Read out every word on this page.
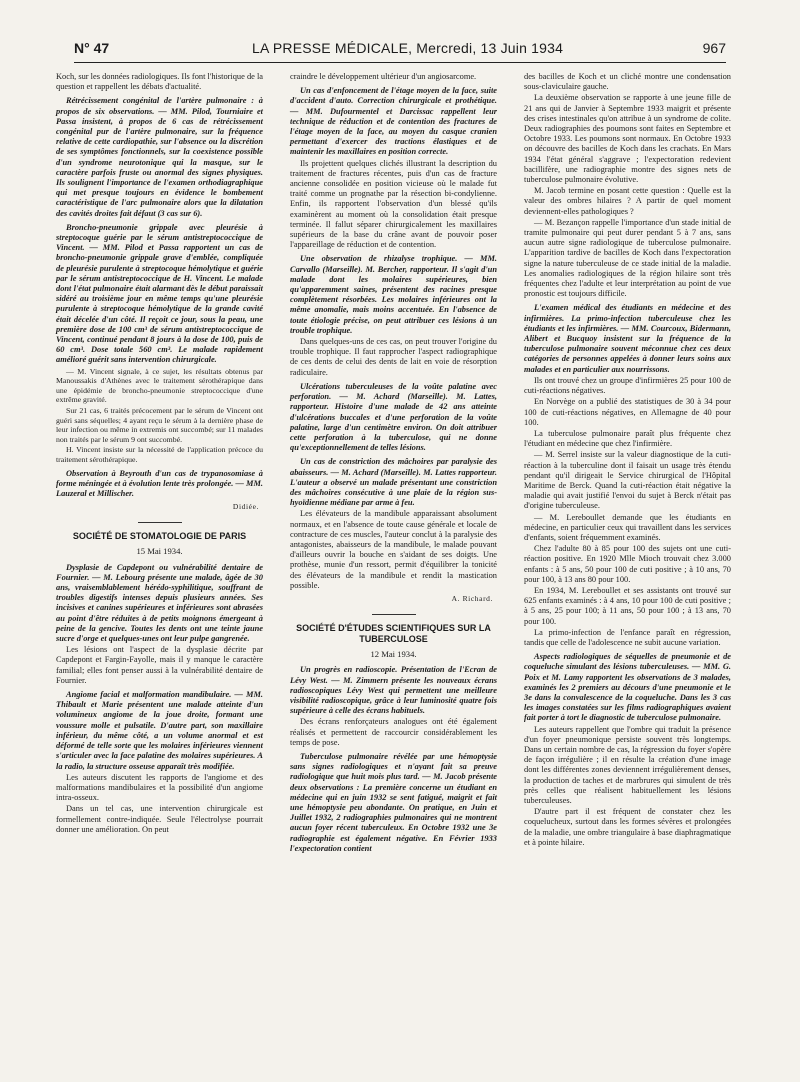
N° 47	LA PRESSE MÉDICALE, Mercredi, 13 Juin 1934	967

Koch, sur les données radiologiques. Ils font l'historique de la question et rappellent les débats d'actualité.

Rétrécissement congénital de l'artère pulmonaire : à propos de six observations. — MM. Pilod, Tourniaire et Passa insistent, à propos de 6 cas de rétrécissement congénital pur de l'artère pulmonaire, sur la fréquence relative de cette cardiopathie, sur l'absence ou la discrétion de ses symptômes fonctionnels, sur la coexistence possible d'un syndrome neurotonique qui la masque, sur le caractère parfois fruste ou anormal des signes physiques. Ils soulignent l'importance de l'examen orthodiagraphique qui met presque toujours en évidence le bombement caractéristique de l'arc pulmonaire alors que la dilatation des cavités droites fait défaut (3 cas sur 6).

Broncho-pneumonie grippale avec pleurésie à streptocoque guérie par le sérum antistreptococcique de Vincent. — MM. Pilod et Passa rapportent un cas de broncho-pneumonie grippale grave d'emblée, compliquée de pleurésie purulente à streptocoque hémolytique et guérie par le sérum antistreptococcique de H. Vincent. Le malade dont l'état pulmonaire était alarmant dès le début paraissait sidéré au troisième jour en même temps qu'une pleurésie purulente à streptocoque hémolytique de la grande cavité était décelée d'un côté. Il reçoit ce jour, sous la peau, une première dose de 100 cm³ de sérum antistreptococcique de Vincent, continué pendant 8 jours à la dose de 100, puis de 60 cm³. Dose totale 560 cm³. Le malade rapidement amélioré guérit sans intervention chirurgicale.

— M. Vincent signale, à ce sujet, les résultats obtenus par Manoussakis d'Athènes avec le traitement sérothérapique dans une épidémie de broncho-pneumonie streptococcique d'une extrême gravité.

Sur 21 cas, 6 traités précocement par le sérum de Vincent ont guéri sans séquelles; 4 ayant reçu le sérum à la dernière phase de leur infection ou même in extremis ont succombé; sur 11 malades non traités par le sérum 9 ont succombé.

H. Vincent insiste sur la nécessité de l'application précoce du traitement sérothérapique.

Observation à Beyrouth d'un cas de trypanosomiase à forme méningée et à évolution lente très prolongée. — MM. Lauzeral et Millischer.

Didiée.

SOCIÉTÉ DE STOMATOLOGIE DE PARIS

15 Mai 1934.

Dysplasie de Capdepont ou vulnérabilité dentaire de Fournier. — M. Lebourg présente une malade, âgée de 30 ans, vraisemblablement hérédo-syphilitique, souffrant de troubles digestifs intenses depuis plusieurs années. Ses incisives et canines supérieures et inférieures sont abrasées au point d'être réduites à de petits moignons émergeant à peine de la gencive. Toutes les dents ont une teinte jaune sucre d'orge et quelques-unes ont leur pulpe gangrenée.

Les lésions ont l'aspect de la dysplasie décrite par Capdepont et Fargin-Fayolle, mais il y manque le caractère familial; elles font penser aussi à la vulnérabilité dentaire de Fournier.

Angiome facial et malformation mandibulaire. — MM. Thibault et Marie présentent une malade atteinte d'un volumineux angiome de la joue droite, formant une voussure molle et pulsatile. D'autre part, son maxillaire inférieur, du même côté, a un volume anormal et est déformé de telle sorte que les molaires inférieures viennent s'articuler avec la face palatine des molaires supérieures. A la radio, la structure osseuse apparaît très modifiée.

Les auteurs discutent les rapports de l'angiome et des malformations mandibulaires et la possibilité d'un angiome intra-osseux.

Dans un tel cas, une intervention chirurgicale est formellement contre-indiquée. Seule l'électrolyse pourrait donner une amélioration. On peut

craindre le développement ultérieur d'un angiosarcome.

Un cas d'enfoncement de l'étage moyen de la face, suite d'accident d'auto. Correction chirurgicale et prothétique. — MM. Dufourmentel et Darcissac rappellent leur technique de réduction et de contention des fractures de l'étage moyen de la face, au moyen du casque cranien permettant d'exercer des tractions élastiques et de maintenir les maxillaires en position correcte.

Ils projettent quelques clichés illustrant la description du traitement de fractures récentes, puis d'un cas de fracture ancienne consolidée en position vicieuse où le malade fut traité comme un prognathe par la résection bi-condylienne. Enfin, ils rapportent l'observation d'un blessé qu'ils examinèrent au moment où la consolidation était presque terminée. Il fallut séparer chirurgicalement les maxillaires supérieurs de la base du crâne avant de pouvoir poser l'appareillage de réduction et de contention.

Une observation de rhizalyse trophique. — MM. Carvallo (Marseille). M. Bercher, rapporteur. Il s'agit d'un malade dont les molaires supérieures, bien qu'apparemment saines, présentent des racines presque complètement résorbées. Les molaires inférieures ont la même anomalie, mais moins accentuée. En l'absence de toute étiologie précise, on peut attribuer ces lésions à un trouble trophique.

Dans quelques-uns de ces cas, on peut trouver l'origine du trouble trophique. Il faut rapprocher l'aspect radiographique de ces dents de celui des dents de lait en voie de résorption radiculaire.

Ulcérations tuberculeuses de la voûte palatine avec perforation. — M. Achard (Marseille). M. Lattes, rapporteur. Histoire d'une malade de 42 ans atteinte d'ulcérations buccales et d'une perforation de la voûte palatine, large d'un centimètre environ. On doit attribuer cette perforation à la tuberculose, qui ne donne qu'exceptionnellement de telles lésions.

Un cas de constriction des mâchoires par paralysie des abaisseurs. — M. Achard (Marseille). M. Lattes rapporteur. L'auteur a observé un malade présentant une constriction des mâchoires consécutive à une plaie de la région sus-hyoïdienne médiane par arme à feu.

Les élévateurs de la mandibule apparaissant absolument normaux, et en l'absence de toute cause générale et locale de contracture de ces muscles, l'auteur conclut à la paralysie des antagonistes, abaisseurs de la mandibule, le malade pouvant d'ailleurs ouvrir la bouche en s'aidant de ses doigts. Une prothèse, munie d'un ressort, permit d'équilibrer la tonicité des élévateurs de la mandibule et rendit la mastication possible.

A. Richard.

SOCIÉTÉ D'ÉTUDES SCIENTIFIQUES SUR LA TUBERCULOSE

12 Mai 1934.

Un progrès en radioscopie. Présentation de l'Ecran de Lévy West. — M. Zimmern présente les nouveaux écrans radioscopiques Lévy West qui permettent une meilleure visibilité radioscopique, grâce à leur luminosité quatre fois supérieure à celle des écrans habituels.

Des écrans renforçateurs analogues ont été également réalisés et permettent de raccourcir considérablement les temps de pose.

Tuberculose pulmonaire révélée par une hémoptysie sans signes radiologiques et n'ayant fait sa preuve radiologique que huit mois plus tard. — M. Jacob présente deux observations : La première concerne un étudiant en médecine qui en juin 1932 se sent fatigué, maigrit et fait une hémoptysie peu abondante. On pratique, en Juin et Juillet 1932, 2 radiographies pulmonaires qui ne montrent aucun foyer récent tuberculeux. En Octobre 1932 une 3e radiographie est également négative. En Février 1933 l'expectoration contient

des bacilles de Koch et un cliché montre une condensation sous-claviculaire gauche.

La deuxième observation se rapporte à une jeune fille de 21 ans qui de Janvier à Septembre 1933 maigrit et présente des crises intestinales qu'on attribue à un syndrome de colite. Deux radiographies des poumons sont faites en Septembre et Octobre 1933. Les poumons sont normaux. En Octobre 1933 on découvre des bacilles de Koch dans les crachats. En Mars 1934 l'état général s'aggrave ; l'expectoration redevient bacillifère, une radiographie montre des signes nets de tuberculose pulmonaire évolutive.

M. Jacob termine en posant cette question : Quelle est la valeur des ombres hilaires ? A partir de quel moment deviennent-elles pathologiques ?

— M. Bezançon rappelle l'importance d'un stade initial de tramite pulmonaire qui peut durer pendant 5 à 7 ans, sans aucun autre signe radiologique de tuberculose pulmonaire. L'apparition tardive de bacilles de Koch dans l'expectoration signe la nature tuberculeuse de ce stade initial de la maladie. Les anomalies radiologiques de la région hilaire sont très fréquentes chez l'adulte et leur interprétation au point de vue pronostic est toujours difficile.

L'examen médical des étudiants en médecine et des infirmières. La primo-infection tuberculeuse chez les étudiants et les infirmières. — MM. Courcoux, Bidermann, Alibert et Bucquoy insistent sur la fréquence de la tuberculose pulmonaire souvent méconnue chez ces deux catégories de personnes appelées à donner leurs soins aux malades et en particulier aux nourrissons.

Ils ont trouvé chez un groupe d'infirmières 25 pour 100 de cuti-réactions négatives.

En Norvège on a publié des statistiques de 30 à 34 pour 100 de cuti-réactions négatives, en Allemagne de 40 pour 100.

La tuberculose pulmonaire paraît plus fréquente chez l'étudiant en médecine que chez l'infirmière.

— M. Serrel insiste sur la valeur diagnostique de la cuti-réaction à la tuberculine dont il faisait un usage très étendu pendant qu'il dirigeait le Service chirurgical de l'Hôpital Maritime de Berck. Quand la cuti-réaction était négative la maladie qui avait justifié l'envoi du sujet à Berck n'était pas d'origine tuberculeuse.

— M. Lereboullet demande que les étudiants en médecine, en particulier ceux qui travaillent dans les services d'enfants, soient fréquemment examinés.

Chez l'adulte 80 à 85 pour 100 des sujets ont une cuti-réaction positive. En 1920 Mlle Mioch trouvait chez 3.000 enfants : à 5 ans, 50 pour 100 de cuti positive ; à 10 ans, 70 pour 100, à 13 ans 80 pour 100.

En 1934, M. Lereboullet et ses assistants ont trouvé sur 625 enfants examinés : à 4 ans, 10 pour 100 de cuti positive ; à 5 ans, 25 pour 100; à 11 ans, 50 pour 100 ; à 13 ans, 70 pour 100.

La primo-infection de l'enfance paraît en régression, tandis que celle de l'adolescence ne subit aucune variation.

Aspects radiologiques de séquelles de pneumonie et de coqueluche simulant des lésions tuberculeuses. — MM. G. Poix et M. Lamy rapportent les observations de 3 malades, examinés les 2 premiers au décours d'une pneumonie et le 3e dans la convalescence de la coqueluche. Dans les 3 cas les images constatées sur les films radiographiques avaient fait porter à tort le diagnostic de tuberculose pulmonaire.

Les auteurs rappellent que l'ombre qui traduit la présence d'un foyer pneumonique persiste souvent très longtemps. Dans un certain nombre de cas, la régression du foyer s'opère de façon irrégulière ; il en résulte la création d'une image dont les différentes zones deviennent irrégulièrement denses, la production de taches et de marbrures qui simulent de très près celles que réalisent habituellement les lésions tuberculeuses.

D'autre part il est fréquent de constater chez les coquelucheux, surtout dans les formes sévères et prolongées de la maladie, une ombre triangulaire à base diaphragmatique et à pointe hilaire.
